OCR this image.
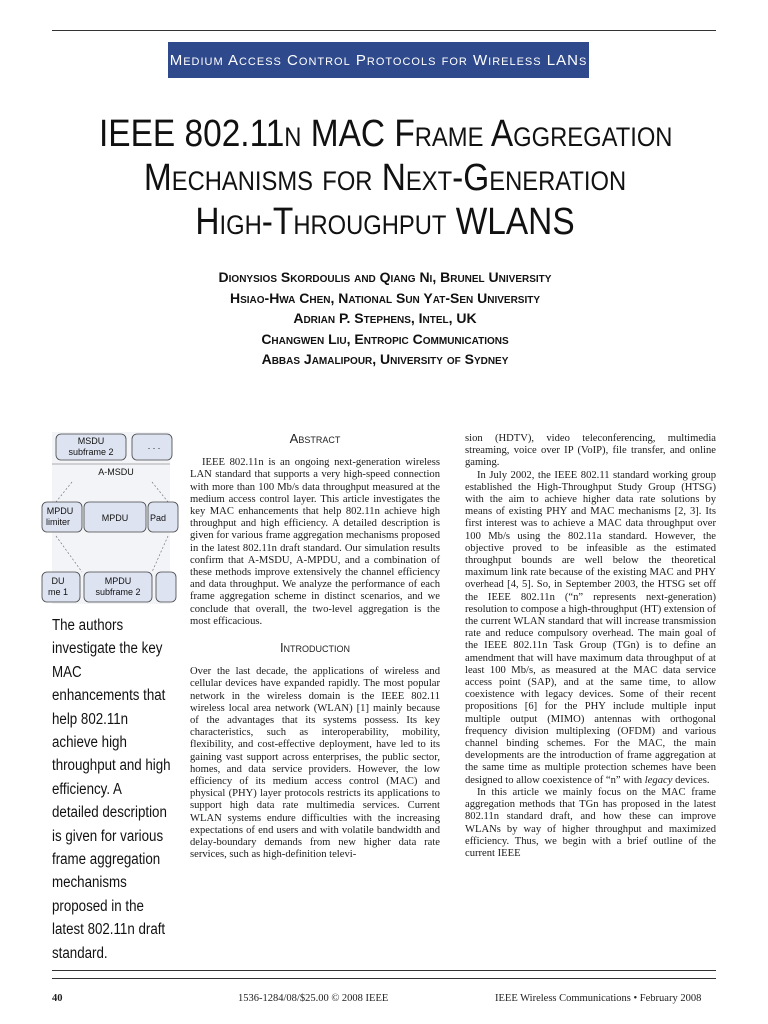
Medium Access Control Protocols for Wireless LANs
IEEE 802.11n MAC Frame Aggregation
Mechanisms for Next-Generation
High-Throughput WLANS
Dionysios Skordoulis and Qiang Ni, Brunel University
Hsiao-Hwa Chen, National Sun Yat-Sen University
Adrian P. Stephens, Intel, UK
Changwen Liu, Entropic Communications
Abbas Jamalipour, University of Sydney
MSDU
subframe 2
. . .
A-MSDU
MPDU
limiter	MPDU Pad
DU
me 1
MPDU
subframe 2
The authors investigate the key MAC enhancements that help 802.11n achieve high throughput and high efficiency. A detailed description is given for various frame aggregation mechanisms proposed in the latest 802.11n draft standard.

Abstract

IEEE 802.11n is an ongoing next-generation wireless LAN standard that supports a very high-speed connection with more than 100 Mb/s data throughput measured at the medium access control layer. This article investigates the key MAC enhancements that help 802.11n achieve high throughput and high efficiency. A detailed description is given for various frame aggregation mechanisms proposed in the latest 802.11n draft standard. Our simulation results confirm that A-MSDU, A-MPDU, and a combination of these methods improve extensively the channel efficiency and data throughput. We analyze the performance of each frame aggregation scheme in distinct scenarios, and we conclude that overall, the two-level aggregation is the most efficacious.

Introduction

Over the last decade, the applications of wireless and cellular devices have expanded rapidly. The most popular network in the wireless domain is the IEEE 802.11 wireless local area network (WLAN) [1] mainly because of the advantages that its systems possess. Its key characteristics, such as interoperability, mobility, flexibility, and cost-effective deployment, have led to its gaining vast support across enterprises, the public sector, homes, and data service providers. However, the low efficiency of its medium access control (MAC) and physical (PHY) layer protocols restricts its applications to support high data rate multimedia services. Current WLAN systems endure difficulties with the increasing expectations of end users and with volatile bandwidth and delay-boundary demands from new higher data rate services, such as high-definition televi-

sion (HDTV), video teleconferencing, multimedia streaming, voice over IP (VoIP), file transfer, and online gaming.

In July 2002, the IEEE 802.11 standard working group established the High-Throughput Study Group (HTSG) with the aim to achieve higher data rate solutions by means of existing PHY and MAC mechanisms [2, 3]. Its first interest was to achieve a MAC data throughput over 100 Mb/s using the 802.11a standard. However, the objective proved to be infeasible as the estimated throughput bounds are well below the theoretical maximum link rate because of the existing MAC and PHY overhead [4, 5]. So, in September 2003, the HTSG set off the IEEE 802.11n (“n” represents next-generation) resolution to compose a high-throughput (HT) extension of the current WLAN standard that will increase transmission rate and reduce compulsory overhead. The main goal of the IEEE 802.11n Task Group (TGn) is to define an amendment that will have maximum data throughput of at least 100 Mb/s, as measured at the MAC data service access point (SAP), and at the same time, to allow coexistence with legacy devices. Some of their recent propositions [6] for the PHY include multiple input multiple output (MIMO) antennas with orthogonal frequency division multiplexing (OFDM) and various channel binding schemes. For the MAC, the main developments are the introduction of frame aggregation at the same time as multiple protection schemes have been designed to allow coexistence of “n” with legacy devices.

In this article we mainly focus on the MAC frame aggregation methods that TGn has proposed in the latest 802.11n standard draft, and how these can improve WLANs by way of higher throughput and maximized efficiency. Thus, we begin with a brief outline of the current IEEE

40	1536-1284/08/$25.00 © 2008 IEEE	IEEE Wireless Communications • February 2008
